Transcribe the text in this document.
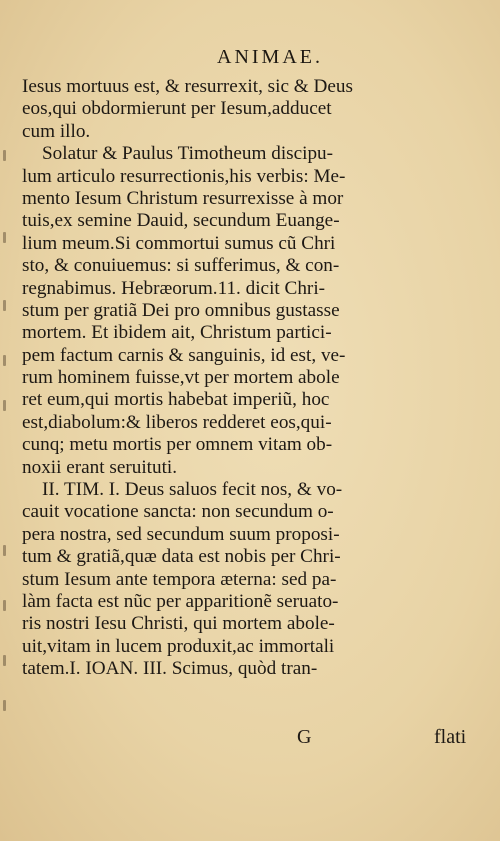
ANIMAE.
Iesus mortuus est, & resurrexit, sic & Deus
eos,qui obdormierunt per Iesum,adducet
cum illo.
Solatur & Paulus Timotheum discipu-
lum articulo resurrectionis,his verbis: Me-
mento Iesum Christum resurrexisse à mor
tuis,ex semine Dauid, secundum Euange-
lium meum.Si commortui sumus cũ Chri
sto, & conuiuemus: si sufferimus, & con-
regnabimus. Hebræorum.11. dicit Chri-
stum per gratiã Dei pro omnibus gustasse
mortem. Et ibidem ait, Christum partici-
pem factum carnis & sanguinis, id est, ve-
rum hominem fuisse,vt per mortem abole
ret eum,qui mortis habebat imperiũ, hoc
est,diabolum:& liberos redderet eos,qui-
cunq; metu mortis per omnem vitam ob-
noxii erant seruituti.
II. TIM. I. Deus saluos fecit nos, & vo-
cauit vocatione sancta: non secundum o-
pera nostra, sed secundum suum proposi-
tum & gratiã,quæ data est nobis per Chri-
stum Iesum ante tempora æterna: sed pa-
làm facta est nũc per apparitionẽ seruato-
ris nostri Iesu Christi, qui mortem abole-
uit,vitam in lucem produxit,ac immortali
tatem.I. IOAN. III. Scimus, quòd tran-
G	flati
